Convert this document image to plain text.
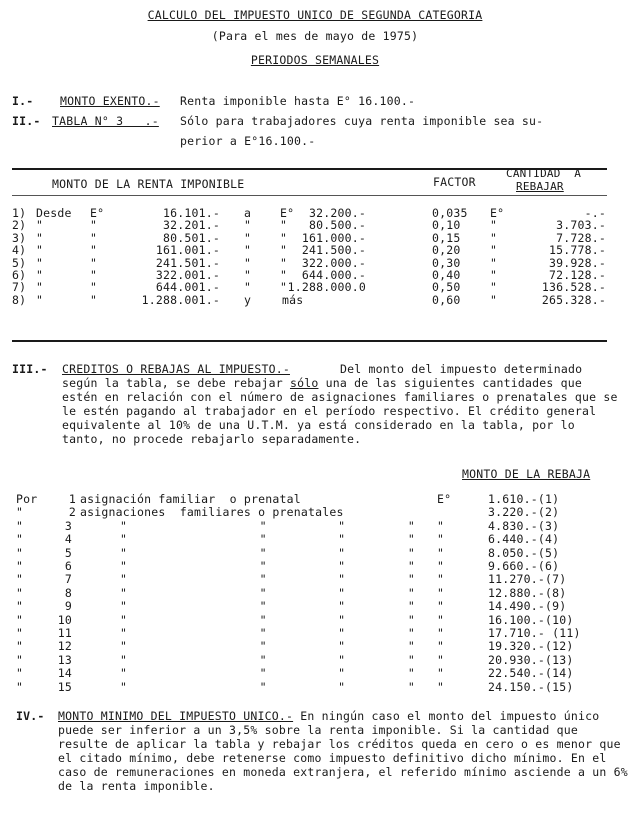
CALCULO DEL IMPUESTO UNICO DE SEGUNDA CATEGORIA
(Para el mes de mayo de 1975)
PERIODOS SEMANALES
I.- MONTO EXENTO.- Renta imponible hasta E° 16.100.-
II.- TABLA N° 3   .- Sólo para trabajadores cuya renta imponible sea su-
perior a E°16.100.-
MONTO DE LA RENTA IMPONIBLE	FACTOR
CANTIDAD  A
REBAJAR
1) Desde	E°	16.101.- a	E°	32.200.-	0,035	E°	-.-
2) "	"	32.201.- "	"	80.500.-	0,10	"	3.703.-
3) "	"	80.501.- "	"	161.000.-	0,15	"	7.728.-
4) "	"	161.001.- "	"	241.500.-	0,20	"	15.778.-
5) "	"	241.501.- "	"	322.000.-	0,30	"	39.928.-
6) "	"	322.001.- "	"	644.000.-	0,40	"	72.128.-
7) "	"	644.001.- "	" 1.288.000.0	0,50	"	136.528.-
8) "	"	1.288.001.- y	más	0,60	"	265.328.-
III.- CREDITOS O REBAJAS AL IMPUESTO.-	Del monto del impuesto determinado según la tabla, se debe rebajar sólo una de las siguientes cantidades que estén en relación con el número de asignaciones familiares o prenatales que se le estén pagando al trabajador en el período respectivo. El crédito general equivalente al 10% de una U.T.M. ya está considerado en la tabla, por lo tanto, no procede rebajarlo separadamente.
MONTO DE LA REBAJA
Por	1 asignación familiar  o prenatal	E°	1.610.-(1)
"	2 asignaciones  familiares o prenatales	3.220.-(2)
"	3	"               "        "       "	"	4.830.-(3)
"	4	"               "        "       "	"	6.440.-(4)
"	5	"               "        "       "	"	8.050.-(5)
"	6	"               "        "       "	"	9.660.-(6)
"	7	"               "        "       "	"	11.270.-(7)
"	8	"               "        "       "	"	12.880.-(8)
"	9	"               "        "       "	"	14.490.-(9)
"	10	"               "        "       "	"	16.100.-(10)
"	11	"               "        "       "	"	17.710.- (11)
"	12	"               "        "       "	"	19.320.-(12)
"	13	"               "        "       "	"	20.930.-(13)
"	14	"               "        "       "	"	22.540.-(14)
"	15	"               "        "       "	"	24.150.-(15)
IV.- MONTO MINIMO DEL IMPUESTO UNICO.- En ningún caso el monto del impuesto único puede ser inferior a un 3,5% sobre la renta imponible. Si la cantidad que resulte de aplicar la tabla y rebajar los créditos queda en cero o es menor que el citado mínimo, debe retenerse como impuesto definitivo dicho mínimo. En el caso de remuneraciones en moneda extranjera, el referido mínimo asciende a un 6% de la renta imponible.
